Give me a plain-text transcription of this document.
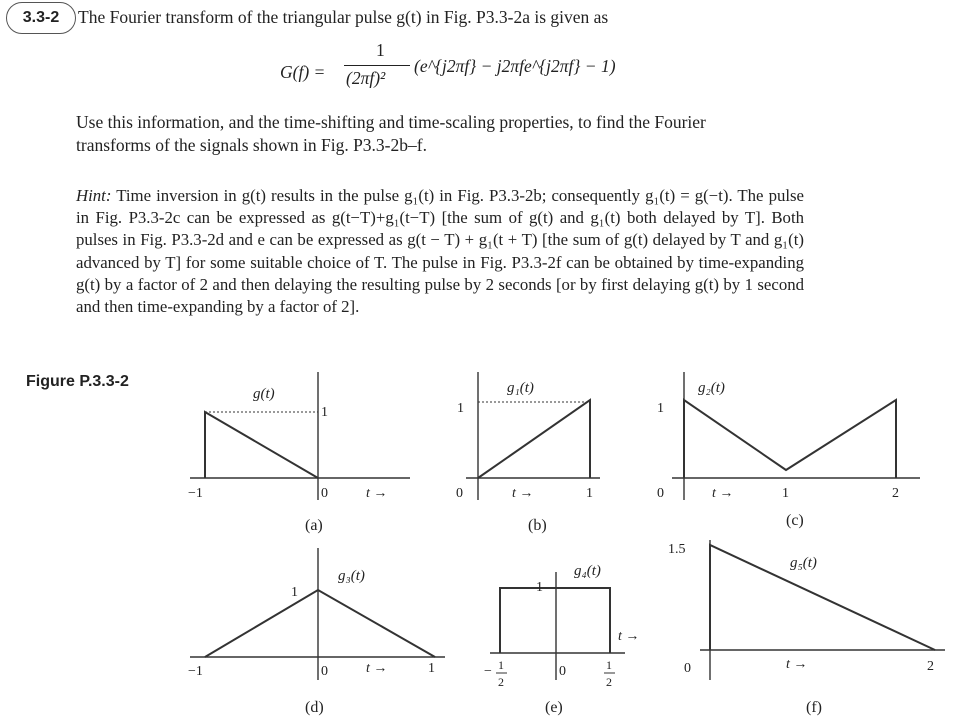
3.3-2 The Fourier transform of the triangular pulse g(t) in Fig. P3.3-2a is given as
G(f) =
1
(2πf)²
(e^{j2πf} − j2πfe^{j2πf} − 1)
Use this information, and the time-shifting and time-scaling properties, to find the Fourier
transforms of the signals shown in Fig. P3.3-2b–f.
Hint: Time inversion in g(t) results in the pulse g₁(t) in Fig. P3.3-2b; consequently g₁(t) = g(−t). The pulse in Fig. P3.3-2c can be expressed as g(t−T)+g₁(t−T) [the sum of g(t) and g₁(t) both delayed by T]. Both pulses in Fig. P3.3-2d and e can be expressed as g(t − T) + g₁(t + T) [the sum of g(t) delayed by T and g₁(t) advanced by T] for some suitable choice of T. The pulse in Fig. P3.3-2f can be obtained by time-expanding g(t) by a factor of 2 and then delaying the resulting pulse by 2 seconds [or by first delaying g(t) by 1 second and then time-expanding by a factor of 2].
Figure P.3.3-2
g(t)
−1	0
1
t →
(a)
g₁(t)
0	1
1
t →
(b)
g₂(t)
0	1	2
1
t →
(c)
g₃(t)
−1	0	1
1
t →
(d)
g₄(t)
− 1
2
0	1
2
1
t →
(e)
g₅(t)
0	2
1.5
t →
(f)
